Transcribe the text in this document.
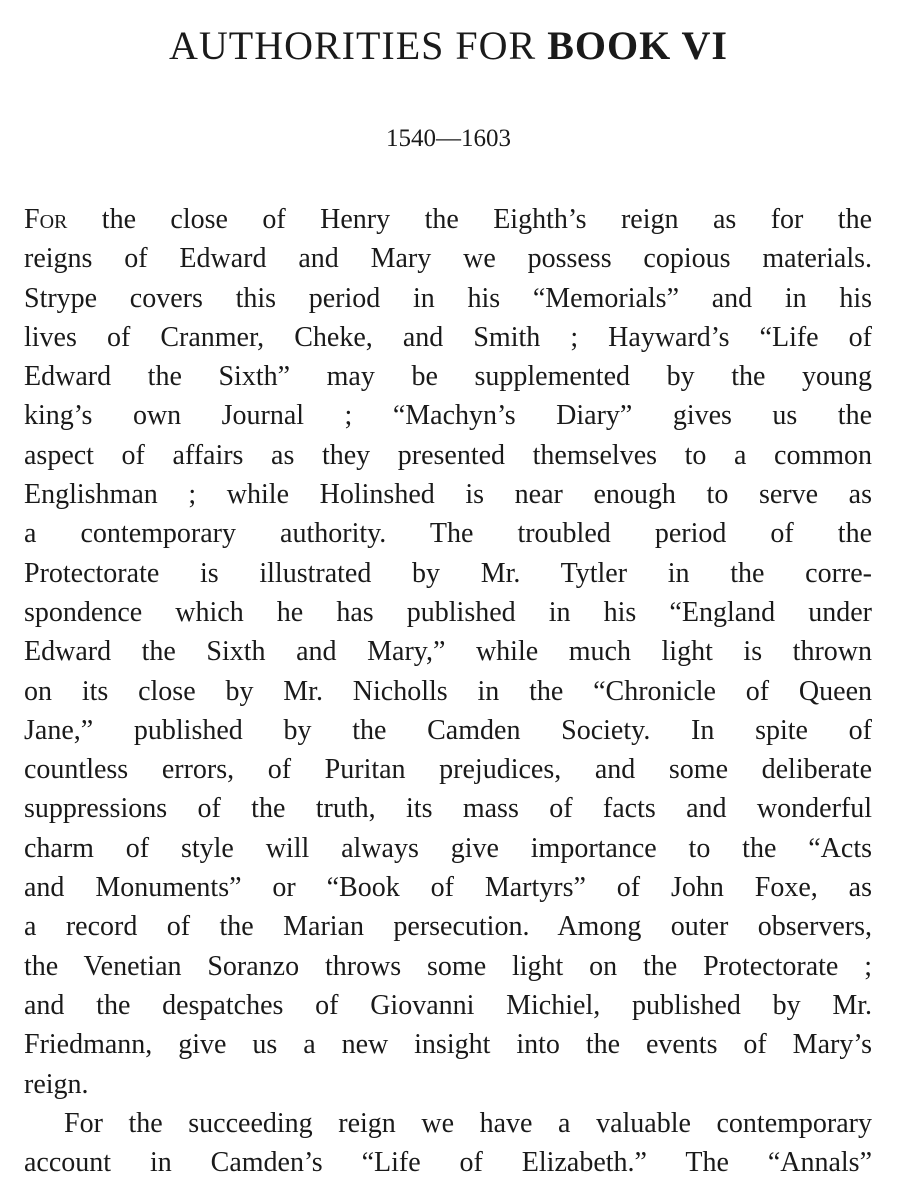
AUTHORITIES FOR BOOK VI
1540—1603
For the close of Henry the Eighth’s reign as for the
reigns of Edward and Mary we possess copious materials.
Strype covers this period in his “Memorials” and in his
lives of Cranmer, Cheke, and Smith ; Hayward’s “Life of
Edward the Sixth” may be supplemented by the young
king’s own Journal ; “Machyn’s Diary” gives us the
aspect of affairs as they presented themselves to a common
Englishman ; while Holinshed is near enough to serve as
a contemporary authority. The troubled period of the
Protectorate is illustrated by Mr. Tytler in the corre-
spondence which he has published in his “England under
Edward the Sixth and Mary,” while much light is thrown
on its close by Mr. Nicholls in the “Chronicle of Queen
Jane,” published by the Camden Society. In spite of
countless errors, of Puritan prejudices, and some deliberate
suppressions of the truth, its mass of facts and wonderful
charm of style will always give importance to the “Acts
and Monuments” or “Book of Martyrs” of John Foxe, as
a record of the Marian persecution. Among outer observers,
the Venetian Soranzo throws some light on the Protectorate ;
and the despatches of Giovanni Michiel, published by Mr.
Friedmann, give us a new insight into the events of Mary’s
reign.
For the succeeding reign we have a valuable contemporary
account in Camden’s “Life of Elizabeth.” The “Annals”
